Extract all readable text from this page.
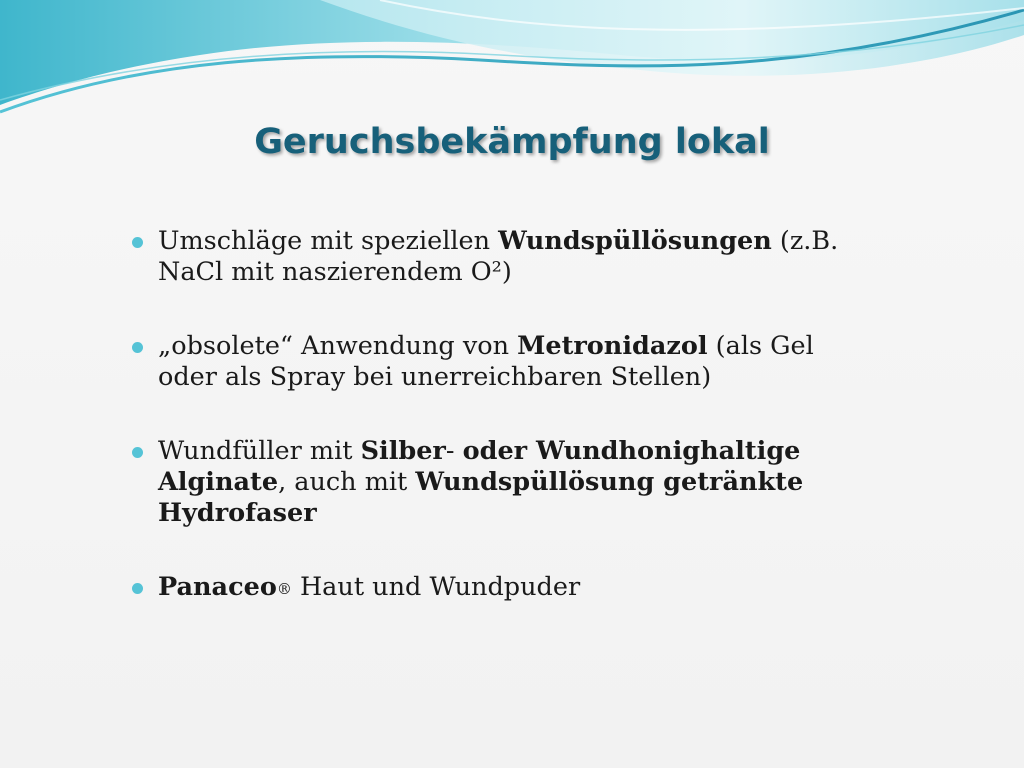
Geruchsbekämpfung lokal
Umschläge mit speziellen Wundspüllösungen (z.B. NaCl mit naszierendem O²)
„obsolete“ Anwendung von Metronidazol (als Gel oder als Spray bei unerreichbaren Stellen)
Wundfüller mit Silber- oder Wundhonighaltige Alginate, auch mit Wundspüllösung getränkte Hydrofaser
Panaceo® Haut und Wundpuder
